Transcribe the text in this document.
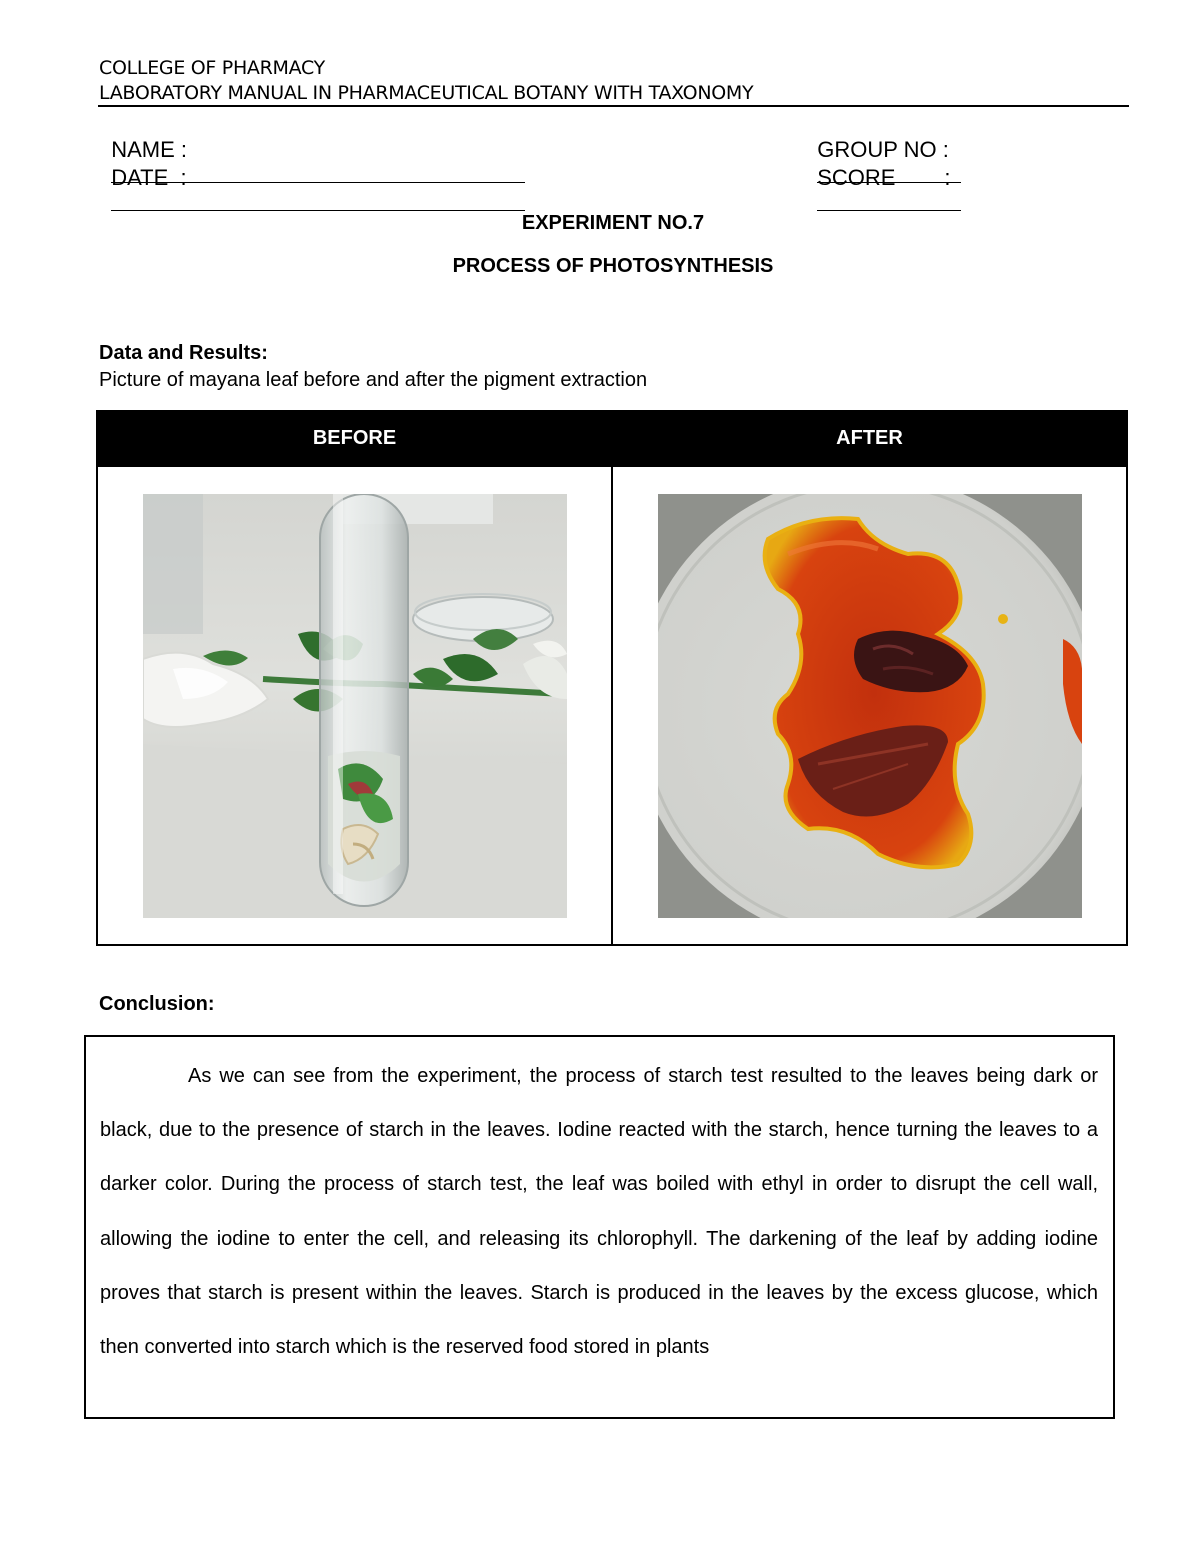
COLLEGE OF PHARMACY
LABORATORY MANUAL IN PHARMACEUTICAL BOTANY WITH TAXONOMY

NAME :

DATE  :

GROUP NO :

SCORE        :

EXPERIMENT NO.7
PROCESS OF PHOTOSYNTHESIS
Data and Results:
Picture of mayana leaf before and after the pigment extraction
BEFORE	AFTER

Conclusion:

As we can see from the experiment, the process of starch test resulted to the leaves being dark or black, due to the presence of starch in the leaves. Iodine reacted with the starch, hence turning the leaves to a darker color. During the process of starch test, the leaf was boiled with ethyl in order to disrupt the cell wall, allowing the iodine to enter the cell, and releasing its chlorophyll. The darkening of the leaf by adding iodine proves that starch is present within the leaves. Starch is produced in the leaves by the excess glucose, which then converted into starch which is the reserved food stored in plants
